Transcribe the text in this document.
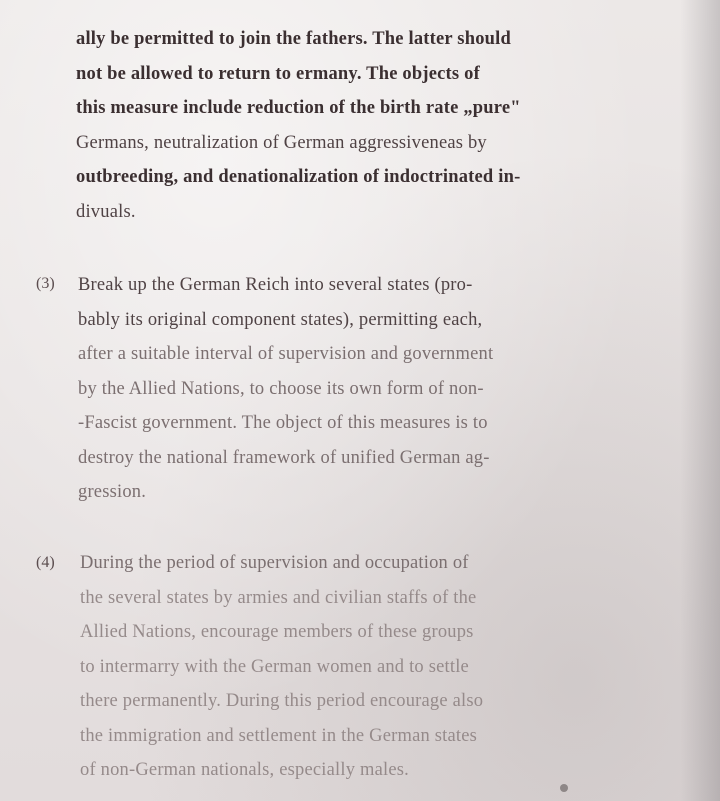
ally be permitted to join the fathers. The latter should
not be allowed to return to ermany. The objects of
this measure include reduction of the birth rate „pure"
Germans, neutralization of German aggressiveneas by
outbreeding, and denationalization of indoctrinated in-
divuals.
(3) Break up the German Reich into several states (pro-
bably its original component states), permitting each,
after a suitable interval of supervision and government
by the Allied Nations, to choose its own form of non-
-Fascist government. The object of this measures is to
destroy the national framework of unified German ag-
gression.
(4) During the period of supervision and occupation of
the several states by armies and civilian staffs of the
Allied Nations, encourage members of these groups
to intermarry with the German women and to settle
there permanently. During this period encourage also
the immigration and settlement in the German states
of non-German nationals, especially males.
